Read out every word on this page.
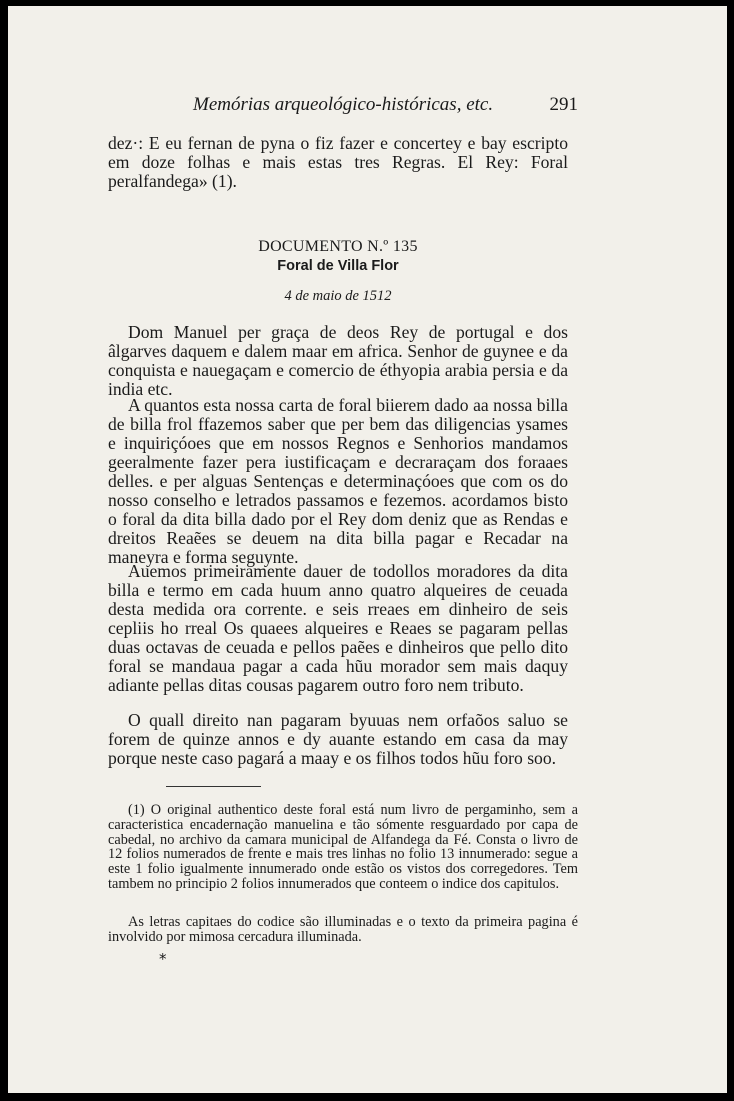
Memórias arqueológico-históricas, etc.	291

dez·: E eu fernan de pyna o fiz fazer e concertey e bay escripto em doze folhas e mais estas tres Regras. El Rey: Foral peralfandega» (1).

DOCUMENTO N.º 135
Foral de Villa Flor
4 de maio de 1512

Dom Manuel per graça de deos Rey de portugal e dos âlgarves daquem e dalem maar em africa. Senhor de guynee e da conquista e nauegaçam e comercio de éthyopia arabia persia e da india etc.

A quantos esta nossa carta de foral biierem dado aa nossa billa de billa frol ffazemos saber que per bem das diligencias ysames e inquiriçóoes que em nossos Regnos e Senhorios mandamos geeralmente fazer pera iustificaçam e decraraçam dos foraaes delles. e per alguas Sentenças e determinaçóoes que com os do nosso conselho e letrados passamos e fezemos. acordamos bisto o foral da dita billa dado por el Rey dom deniz que as Rendas e dreitos Reaẽes se deuem na dita billa pagar e Recadar na maneyra e forma seguynte.

Auemos primeiramente dauer de todollos moradores da dita billa e termo em cada huum anno quatro alqueires de ceuada desta medida ora corrente. e seis rreaes em dinheiro de seis cepliis ho rreal Os quaees alqueires e Reaes se pagaram pellas duas octavas de ceuada e pellos paẽes e dinheiros que pello dito foral se mandaua pagar a cada hũu morador sem mais daquy adiante pellas ditas cousas pagarem outro foro nem tributo.

O quall direito nan pagaram byuuas nem orfaõos saluo se forem de quinze annos e dy auante estando em casa da may porque neste caso pagará a maay e os filhos todos hũu foro soo.

(1) O original authentico deste foral está num livro de pergaminho, sem a caracteristica encadernação manuelina e tão sómente resguardado por capa de cabedal, no archivo da camara municipal de Alfandega da Fé. Consta o livro de 12 folios numerados de frente e mais tres linhas no folio 13 innumerado: segue a este 1 folio igualmente innumerado onde estão os vistos dos corregedores. Tem tambem no principio 2 folios innumerados que conteem o indice dos capitulos.

As letras capitaes do codice são illuminadas e o texto da primeira pagina é involvido por mimosa cercadura illuminada.

*
